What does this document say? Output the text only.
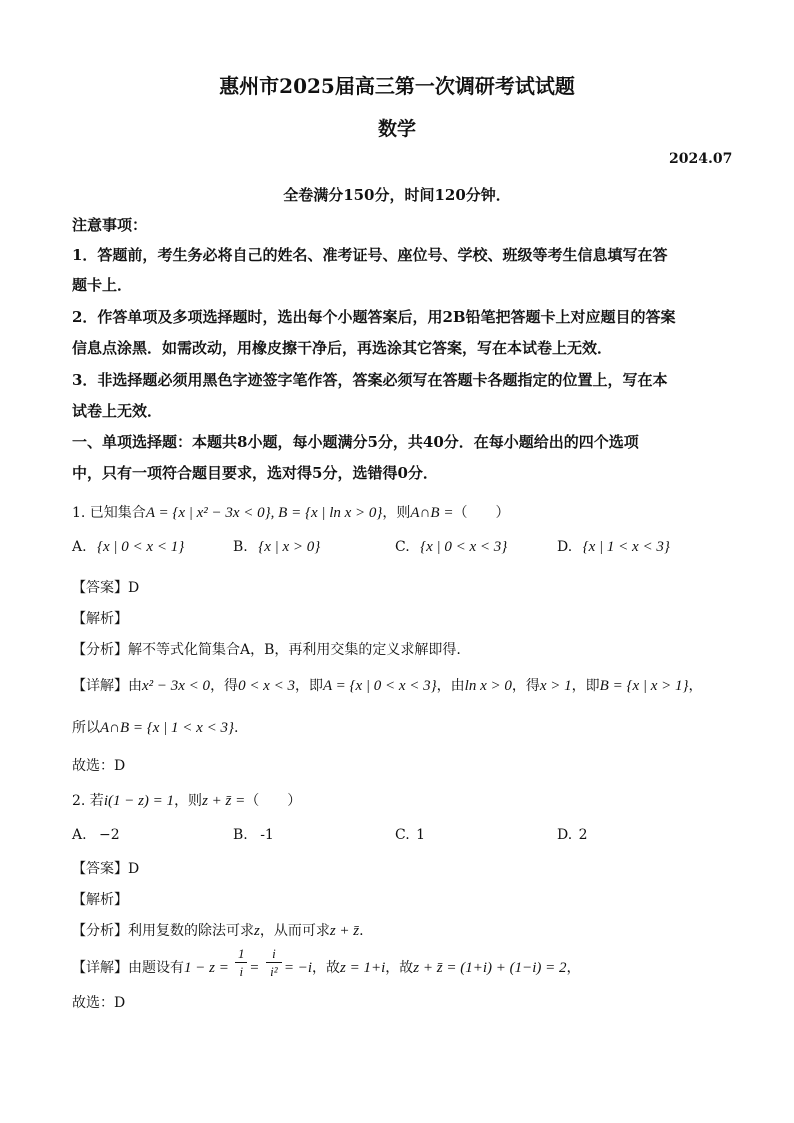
惠州市2025届高三第一次调研考试试题
数学
2024.07
全卷满分150分，时间120分钟．
注意事项：
1．答题前，考生务必将自己的姓名、准考证号、座位号、学校、班级等考生信息填写在答
题卡上．
2．作答单项及多项选择题时，选出每个小题答案后，用2B铅笔把答题卡上对应题目的答案
信息点涂黑．如需改动，用橡皮擦干净后，再选涂其它答案，写在本试卷上无效．
3．非选择题必须用黑色字迹签字笔作答，答案必须写在答题卡各题指定的位置上，写在本
试卷上无效．
一、单项选择题：本题共8小题，每小题满分5分，共40分．在每小题给出的四个选项
中，只有一项符合题目要求，选对得5分，选错得0分．
1. 已知集合A = {x | x² − 3x < 0}, B = {x | ln x > 0}，则A∩B =（　　）
A. {x | 0 < x < 1}	B. {x | x > 0}	C. {x | 0 < x < 3}	D. {x | 1 < x < 3}
【答案】D
【解析】
【分析】解不等式化简集合A，B，再利用交集的定义求解即得.
【详解】由x² − 3x < 0，得0 < x < 3，即A = {x | 0 < x < 3}，由ln x > 0，得x > 1，即B = {x | x > 1}，
所以A∩B = {x | 1 < x < 3}.
故选：D
2. 若i(1 − z) = 1，则z + z̄ =（　　）
A. −2	B. -1	C. 1	D. 2
【答案】D
【解析】
【分析】利用复数的除法可求z，从而可求z + z̄.
【详解】由题设有$1 - z = \frac{1}{i} = \frac{i}{\text{i²}} = -i$，故z = 1+i，故z + z̄ = (1+i) + (1−i) = 2，
故选：D
